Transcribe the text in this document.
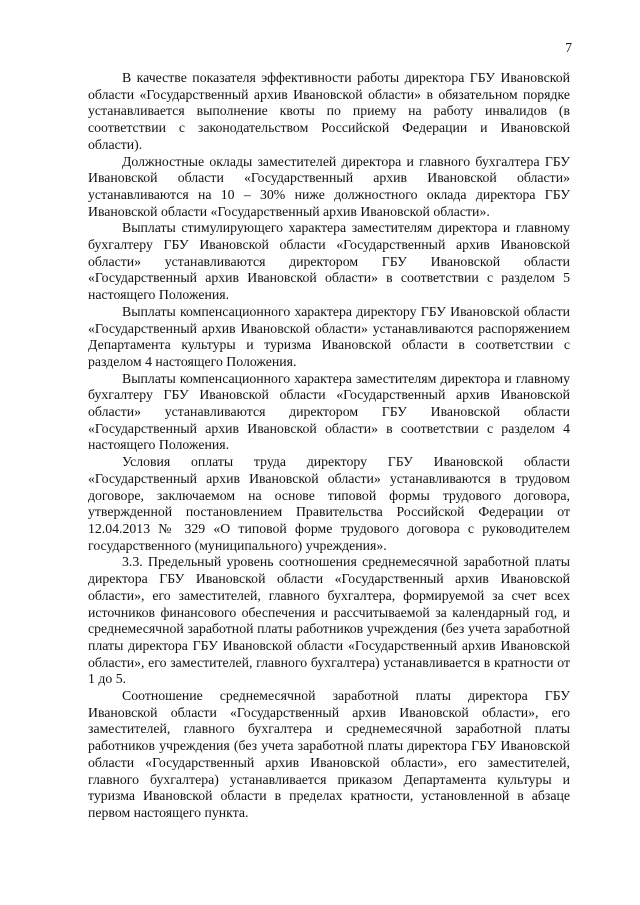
7

В качестве показателя эффективности работы директора ГБУ Ивановской области «Государственный архив Ивановской области» в обязательном порядке устанавливается выполнение квоты по приему на работу инвалидов (в соответствии с законодательством Российской Федерации и Ивановской области).

Должностные оклады заместителей директора и главного бухгалтера ГБУ Ивановской области «Государственный архив Ивановской области» устанавливаются на 10 – 30% ниже должностного оклада директора ГБУ Ивановской области «Государственный архив Ивановской области».

Выплаты стимулирующего характера заместителям директора и главному бухгалтеру ГБУ Ивановской области «Государственный архив Ивановской области» устанавливаются директором ГБУ Ивановской области «Государственный архив Ивановской области» в соответствии с разделом 5 настоящего Положения.

Выплаты компенсационного характера директору ГБУ Ивановской области «Государственный архив Ивановской области» устанавливаются распоряжением Департамента культуры и туризма Ивановской области в соответствии с разделом 4 настоящего Положения.

Выплаты компенсационного характера заместителям директора и главному бухгалтеру ГБУ Ивановской области «Государственный архив Ивановской области» устанавливаются директором ГБУ Ивановской области «Государственный архив Ивановской области» в соответствии с разделом 4 настоящего Положения.

Условия оплаты труда директору ГБУ Ивановской области «Государственный архив Ивановской области» устанавливаются в трудовом договоре, заключаемом на основе типовой формы трудового договора, утвержденной постановлением Правительства Российской Федерации от 12.04.2013 № 329 «О типовой форме трудового договора с руководителем государственного (муниципального) учреждения».

3.3. Предельный уровень соотношения среднемесячной заработной платы директора ГБУ Ивановской области «Государственный архив Ивановской области», его заместителей, главного бухгалтера, формируемой за счет всех источников финансового обеспечения и рассчитываемой за календарный год, и среднемесячной заработной платы работников учреждения (без учета заработной платы директора ГБУ Ивановской области «Государственный архив Ивановской области», его заместителей, главного бухгалтера) устанавливается в кратности от 1 до 5.

Соотношение среднемесячной заработной платы директора ГБУ Ивановской области «Государственный архив Ивановской области», его заместителей, главного бухгалтера и среднемесячной заработной платы работников учреждения (без учета заработной платы директора ГБУ Ивановской области «Государственный архив Ивановской области», его заместителей, главного бухгалтера) устанавливается приказом Департамента культуры и туризма Ивановской области в пределах кратности, установленной в абзаце первом настоящего пункта.
